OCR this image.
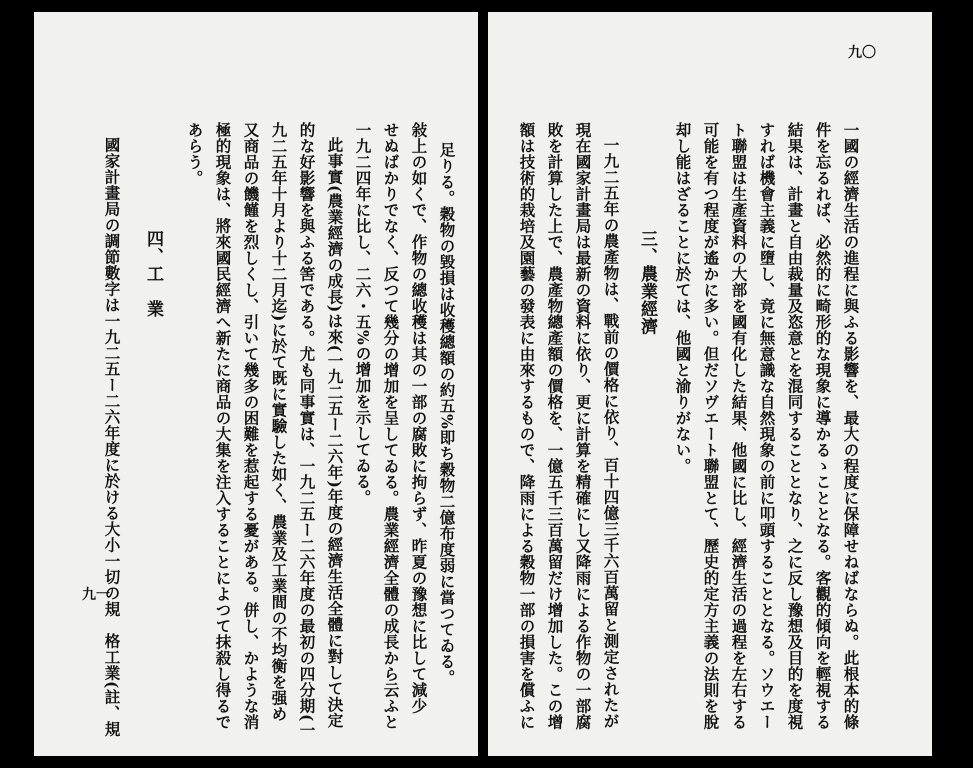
九〇
一國の經濟生活の進程に與ふる影響を、最大の程度に保障せねばならぬ。此根本的條
件を忘るれば、必然的に畸形的な現象に導かるゝこととなる。客觀的傾向を輕視する
結果は、計畫と自由裁量及恣意とを混同することとなり、之に反し豫想及目的を度視
すれば機會主義に墮し、竟に無意識な自然現象の前に叩頭することとなる。ソウエー
ト聯盟は生產資料の大部を國有化した結果、他國に比し、經濟生活の過程を左右する
可能を有つ程度が遙かに多い。但だソヴエート聯盟とて、歷史的定方主義の法則を脫
却し能はざることに於ては、他國と渝りがない。
三、農業經濟
一九二五年の農產物は、戰前の價格に依り、百十四億三千六百萬留と測定されたが
現在國家計畫局は最新の資料に依り、更に計算を精確にし又降雨による作物の一部腐
敗を計算した上で、農產物總產額の價格を、一億五千三百萬留だけ增加した。この增
額は技術的栽培及園藝の發表に由來するもので、降雨による穀物一部の損害を償ふに
足りる。穀物の毀損は收穫總額の約五%即ち穀物二億布度弱に當つてゐる。
敍上の如くで、作物の總收穫は其の一部の腐敗に拘らず、昨夏の豫想に比して減少
せぬばかりでなく、反つて幾分の增加を呈してゐる。農業經濟全體の成長から云ふと
一九二四年に比し、二六・五%の增加を示してゐる。
此事實(農業經濟の成長)は來(一九二五ー二六年)年度の經濟生活全體に對して決定
的な好影響を與ふる筈である。尤も同事實は、一九二五ー二六年度の最初の四分期(一
九二五年十月より十二月迄)に於て既に實驗した如く、農業及工業間の不均衡を强め
又商品の饑饉を烈しくし、引いて幾多の困難を惹起する憂がある。併し、かような消
極的現象は、將來國民經濟へ新たに商品の大集を注入することによつて抹殺し得るで
あらう。
四、工　業
國家計畫局の調節數字は一九二五ー二六年度に於ける大小一切の規　格工業(註、規
九一
